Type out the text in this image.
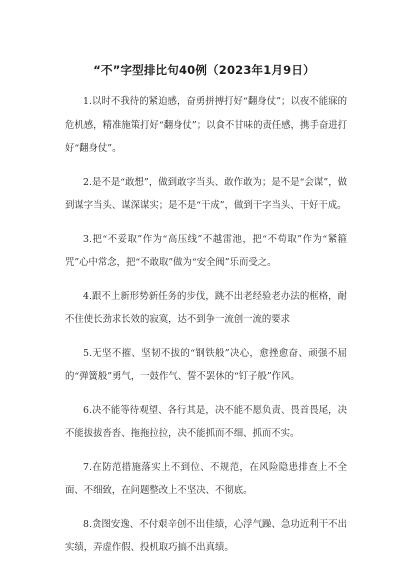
“不”字型排比句40例（2023年1月9日）

1.以时不我待的紧迫感，奋勇拼搏打好“翻身仗”；以夜不能寐的危机感，精准施策打好“翻身仗”；以食不甘味的责任感，携手奋进打好“翻身仗”。

2.是不是“敢想”，做到敢字当头、敢作敢为；是不是“会谋”，做到谋字当头、谋深谋实；是不是“干成”，做到干字当头、干好干成。

3.把“不妥取”作为“高压线”不越雷池，把“不苟取”作为“紧箍咒”心中常念，把“不敢取”做为“安全阀”乐而受之。

4.跟不上新形势新任务的步伐，跳不出老经验老办法的框格，耐不住使长劲求长效的寂寞，达不到争一流创一流的要求

5.无坚不摧、坚韧不拔的“钢铁般”决心，愈挫愈奋、顽强不屈的“弹簧般”勇气，一鼓作气、誓不罢休的“钉子般”作风。

6.决不能等待观望、各行其是，决不能不愿负责、畏首畏尾，决不能拔拔沓沓、拖拖拉拉，决不能抓而不细、抓而不实。

7.在防范措施落实上不到位、不规范，在风险隐患排查上不全面、不细致，在问题整改上不坚决、不彻底。

8.贪图安逸、不付艰辛创不出佳绩，心浮气躁、急功近利干不出实绩，弄虚作假、投机取巧搞不出真绩。
